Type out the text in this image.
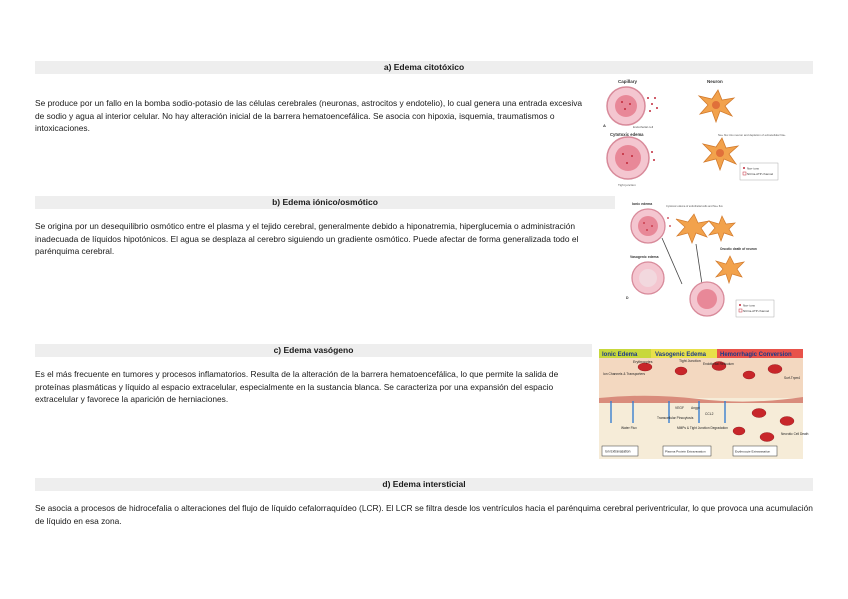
a) Edema citotóxico

Se produce por un fallo en la bomba sodio-potasio de las células cerebrales (neuronas, astrocitos y endotelio), lo cual genera una entrada excesiva de sodio y agua al interior celular. No hay alteración inicial de la barrera hematoencefálica. Se asocia con hipoxia, isquemia, traumatismos o intoxicaciones.

Capillary	Neuron
Endothelial cell
A
Cytotoxic edema
Tight junction
Na+ flux into neuron and depletion of extracellular Na+
Na+ ions
NCCa-ATP channel
b) Edema iónico/osmótico

Se origina por un desequilibrio osmótico entre el plasma y el tejido cerebral, generalmente debido a hiponatremia, hiperglucemia o administración inadecuada de líquidos hipotónicos. El agua se desplaza al cerebro siguiendo un gradiente osmótico. Puede afectar de forma generalizada todo el parénquima cerebral.

Ionic edema
Cytotoxic edema of endothelial cells and Na+ flux
Oncotic death of neuron
Vasogenic edema
D
Na+ ions
NCCa-ATP channel
c) Edema vasógeno

Es el más frecuente en tumores y procesos inflamatorios. Resulta de la alteración de la barrera hematoencefálica, lo que permite la salida de proteínas plasmáticas y líquido al espacio extracelular, especialmente en la sustancia blanca. Se caracteriza por una expansión del espacio extracelular y favorece la aparición de herniaciones.

Ionic Edema	Vasogenic Edema Hemorrhagic Conversion
Erythrocytes	Tight Junction
Endothelial Reticulum
Ion Channels & Transporters
Surf-Trpm4
Transcellular Pinocytosis
VEGF Angpt
CCL2
Water Flux	MMPs & Tight Junction Degradation
Necrotic Cell Death
Ion Extravasation	Plasma Protein Extravasation	Erythrocyte Extravasation
d) Edema intersticial

Se asocia a procesos de hidrocefalia o alteraciones del flujo de líquido cefalorraquídeo (LCR). El LCR se filtra desde los ventrículos hacia el parénquima cerebral periventricular, lo que provoca una acumulación de líquido en esa zona.
